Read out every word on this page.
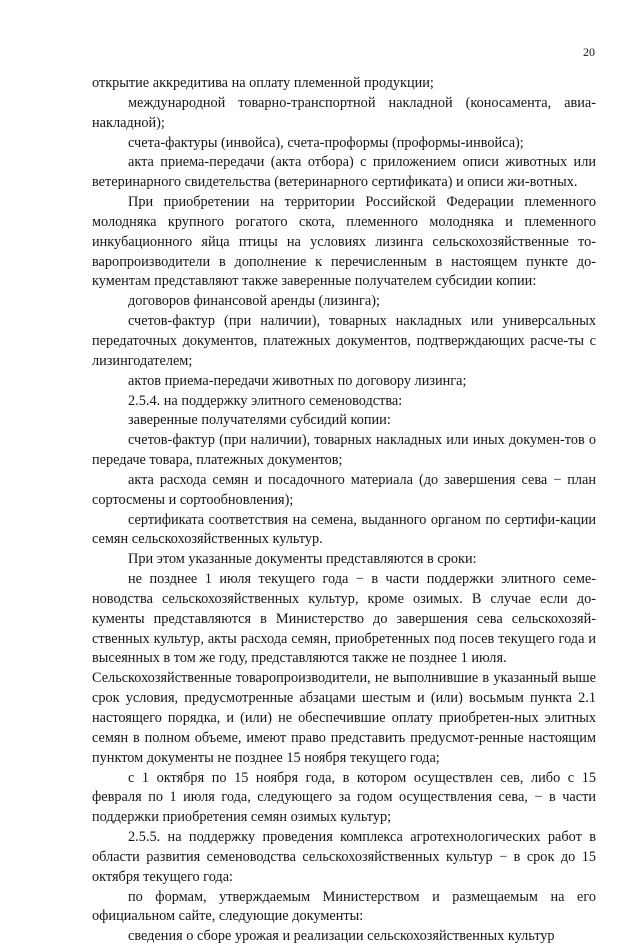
20

открытие аккредитива на оплату племенной продукции;

международной товарно-транспортной накладной (коносамента, авиа-накладной);

счета-фактуры (инвойса), счета-проформы (проформы-инвойса);

акта приема-передачи (акта отбора) с приложением описи животных или ветеринарного свидетельства (ветеринарного сертификата) и описи жи-вотных.

При приобретении на территории Российской Федерации племенного молодняка крупного рогатого скота, племенного молодняка и племенного инкубационного яйца птицы на условиях лизинга сельскохозяйственные то-варопроизводители в дополнение к перечисленным в настоящем пункте до-кументам представляют также заверенные получателем субсидии копии:

договоров финансовой аренды (лизинга);

счетов-фактур (при наличии), товарных накладных или универсальных передаточных документов, платежных документов, подтверждающих расче-ты с лизингодателем;

актов приема-передачи животных по договору лизинга;

2.5.4. на поддержку элитного семеноводства:

заверенные получателями субсидий копии:

счетов-фактур (при наличии), товарных накладных или иных докумен-тов о передаче товара, платежных документов;

акта расхода семян и посадочного материала (до завершения сева − план сортосмены и сортообновления);

сертификата соответствия на семена, выданного органом по сертифи-кации семян сельскохозяйственных культур.

При этом указанные документы представляются в сроки:

не позднее 1 июля текущего года − в части поддержки элитного семе-новодства сельскохозяйственных культур, кроме озимых. В случае если до-кументы представляются в Министерство до завершения сева сельскохозяй-ственных культур, акты расхода семян, приобретенных под посев текущего года и высеянных в том же году, представляются также не позднее 1 июля.

Сельскохозяйственные товаропроизводители, не выполнившие в указанный выше срок условия, предусмотренные абзацами шестым и (или) восьмым пункта 2.1 настоящего порядка, и (или) не обеспечившие оплату приобретен-ных элитных семян в полном объеме, имеют право представить предусмот-ренные настоящим пунктом документы не позднее 15 ноября текущего года;

с 1 октября по 15 ноября года, в котором осуществлен сев, либо с 15 февраля по 1 июля года, следующего за годом осуществления сева, − в части поддержки приобретения семян озимых культур;

2.5.5. на поддержку проведения комплекса агротехнологических работ в области развития семеноводства сельскохозяйственных культур − в срок до 15 октября текущего года:

по формам, утверждаемым Министерством и размещаемым на его официальном сайте, следующие документы:

сведения о сборе урожая и реализации сельскохозяйственных культур
